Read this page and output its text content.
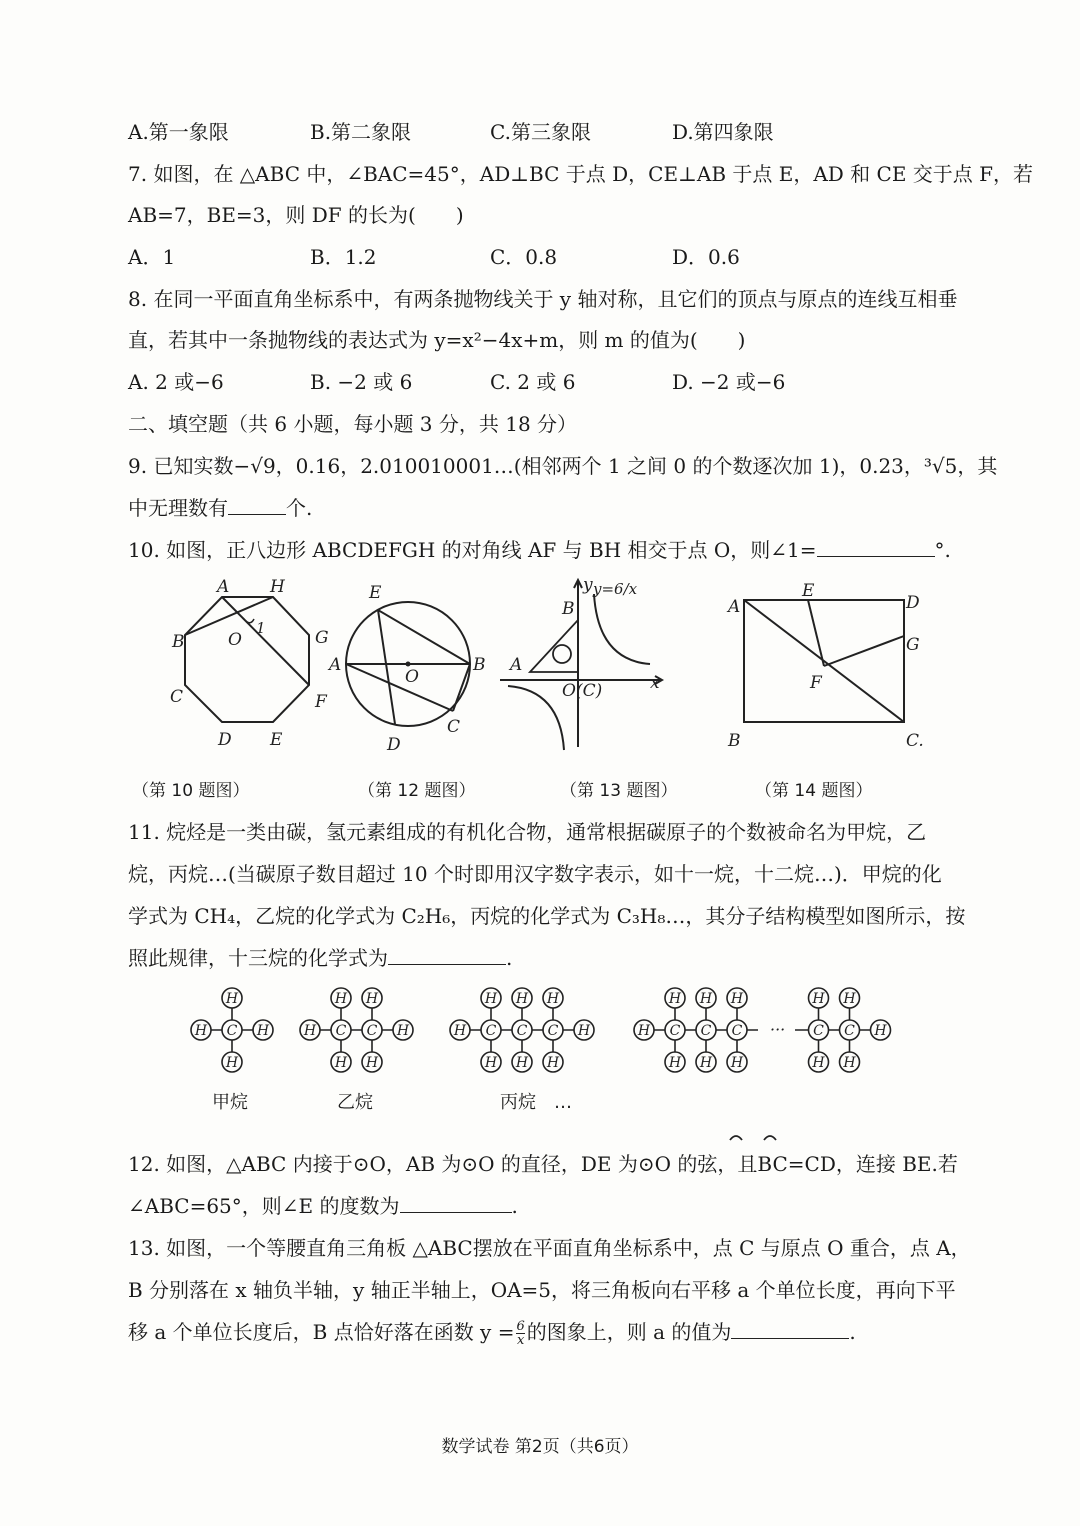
A.第一象限	B.第二象限	C.第三象限	D.第四象限
7. 如图，在 △ABC 中，∠BAC=45°，AD⊥BC 于点 D，CE⊥AB 于点 E，AD 和 CE 交于点 F，若
AB=7，BE=3，则 DF 的长为(　　)
A．1	B．1.2	C．0.8	D．0.6
8. 在同一平面直角坐标系中，有两条抛物线关于 y 轴对称，且它们的顶点与原点的连线互相垂
直，若其中一条抛物线的表达式为 y=x²−4x+m，则 m 的值为(　　)
A. 2 或−6	B. −2 或 6	C. 2 或 6	D. −2 或−6
二、填空题（共 6 小题，每小题 3 分，共 18 分）
9. 已知实数−√9，0.16，2.010010001…(相邻两个 1 之间 0 的个数逐次加 1)，0.23，³√5，其
中无理数有	个.
10. 如图，正八边形 ABCDEFGH 的对角线 AF 与 BH 相交于点 O，则∠1=	°.
A H
G
F
E
D
C
B	O
1
E
A
O
B
C
D
y y=6/x
B
A
O(C)	x
A
E
D
G
F
B	C.
（第 10 题图）	（第 12 题图）	（第 13 题图）	（第 14 题图）
11. 烷烃是一类由碳，氢元素组成的有机化合物，通常根据碳原子的个数被命名为甲烷，乙
烷，丙烷…(当碳原子数目超过 10 个时即用汉字数字表示，如十一烷，十二烷…)．甲烷的化
学式为 CH₄，乙烷的化学式为 C₂H₆，丙烷的化学式为 C₃H₈…，其分子结构模型如图所示，按
照此规律，十三烷的化学式为	.
H
H
H
C H H
H
H
C
H
H
C H	H
H
H
C
H
H
C
H
H
C H	H
H
H
C
H
H
C
H
H
C ···
H
H
C
H
H
C H
甲烷	乙烷	丙烷　…
12. 如图，△ABC 内接于⊙O，AB 为⊙O 的直径，DE 为⊙O 的弦，且BC=CD，连接 BE.若
∠ABC=65°，则∠E 的度数为	.
13. 如图，一个等腰直角三角板 △ABC摆放在平面直角坐标系中，点 C 与原点 O 重合，点 A，
B 分别落在 x 轴负半轴，y 轴正半轴上，OA=5，将三角板向右平移 a 个单位长度，再向下平
移 a 个单位长度后，B 点恰好落在函数 $y = \frac{6}{x}$ 的图象上，则 a 的值为	.
数学试卷 第2页（共6页）
